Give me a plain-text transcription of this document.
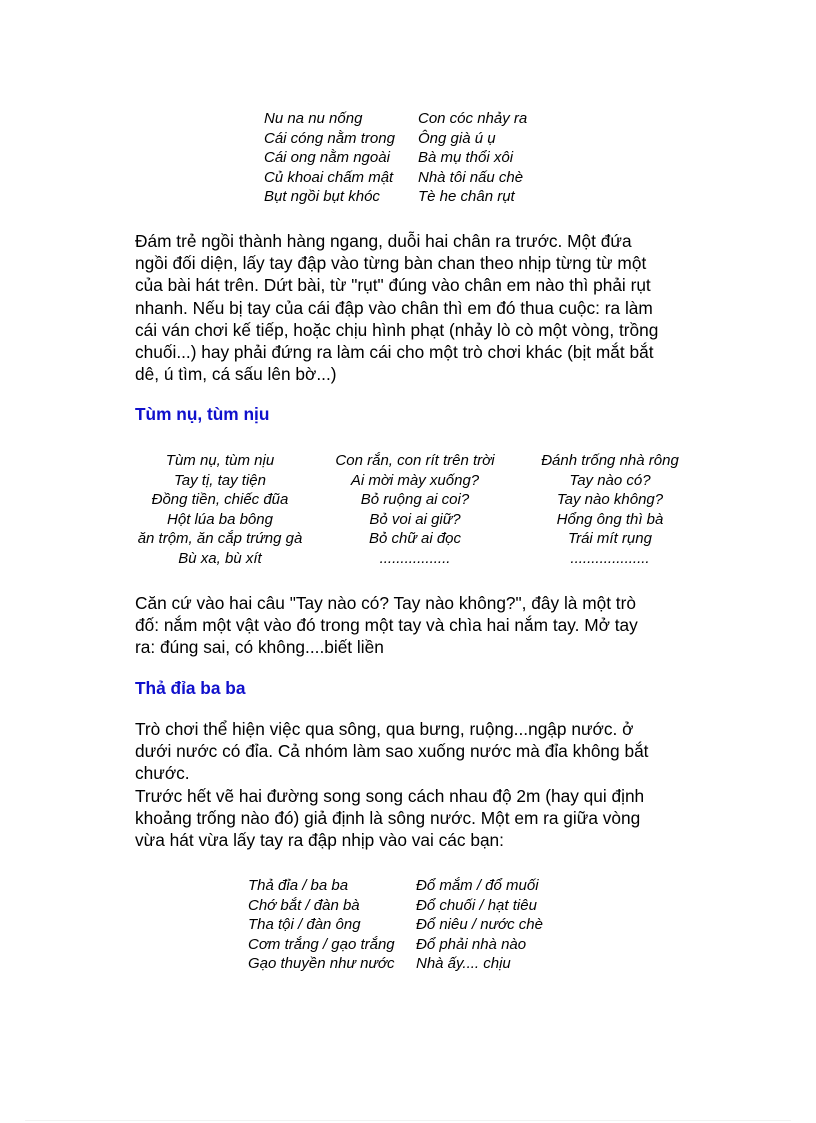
Nu na nu nống
Cái cóng nằm trong
Cái ong nằm ngoài
Củ khoai chấm mật
Bụt ngồi bụt khóc
Con cóc nhảy ra
Ông già ú ụ
Bà mụ thổi xôi
Nhà tôi nấu chè
Tè he chân rụt
Đám trẻ ngồi thành hàng ngang, duỗi hai chân ra trước. Một đứa
ngồi đối diện, lấy tay đập vào từng bàn chan theo nhịp từng từ một
của bài hát trên. Dứt bài, từ "rụt" đúng vào chân em nào thì phải rụt
nhanh. Nếu bị tay của cái đập vào chân thì em đó thua cuộc: ra làm
cái ván chơi kế tiếp, hoặc chịu hình phạt (nhảy lò cò một vòng, trồng
chuối...) hay phải đứng ra làm cái cho một trò chơi khác (bịt mắt bắt
dê, ú tìm, cá sấu lên bờ...)
Tùm nụ, tùm nịu
Tùm nụ, tùm nịu
Tay tị, tay tiện
Đồng tiền, chiếc đũa
Hột lúa ba bông
ăn trộm, ăn cắp trứng gà
Bù xa, bù xít
Con rắn, con rít trên trời
Ai mời mày xuống?
Bỏ ruộng ai coi?
Bỏ voi ai giữ?
Bỏ chữ ai đọc
.................
Đánh trống nhà rông
Tay nào có?
Tay nào không?
Hổng ông thì bà
Trái mít rụng
...................
Căn cứ vào hai câu "Tay nào có? Tay nào không?", đây là một trò
đố: nắm một vật vào đó trong một tay và chìa hai nắm tay. Mở tay
ra: đúng sai, có không....biết liền
Thả đỉa ba ba
Trò chơi thể hiện việc qua sông, qua bưng, ruộng...ngập nước. ở
dưới nước có đỉa. Cả nhóm làm sao xuống nước mà đỉa không bắt
chước.
Trước hết vẽ hai đường song song cách nhau độ 2m (hay qui định
khoảng trống nào đó) giả định là sông nước. Một em ra giữa vòng
vừa hát vừa lấy tay ra đập nhịp vào vai các bạn:
Thả đỉa / ba ba
Chớ bắt / đàn bà
Tha tội / đàn ông
Cơm trắng / gạo trắng
Gạo thuyền như nước
Đổ mắm / đổ muối
Đổ chuối / hạt tiêu
Đổ niêu / nước chè
Đổ phải nhà nào
Nhà ấy.... chịu
